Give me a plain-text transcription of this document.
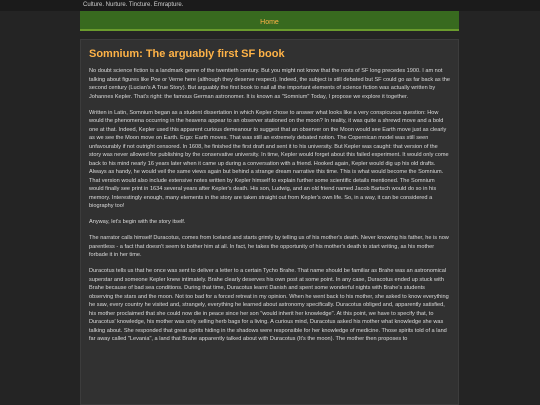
Culture. Nurture. Tincture. Emrapture.
Home
Somnium: The arguably first SF book

No doubt science fiction is a landmark genre of the twentieth century. But you might not know that the roots of SF long precedes 1900. I am not talking about figures like Poe or Verne here (although they deserve respect). Indeed, the subject is still debated but SF could go as far back as the second century (Lucian's A True Story). But arguably the first book to nail all the important elements of science fiction was actually written by Johannes Kepler. That's right: the famous German astronomer. It is known as "Somnium" Today, I propose we explore it together.

Written in Latin, Somnium began as a student dissertation in which Kepler chose to answer what looks like a very conspicuous question: How would the phenomena occurring in the heavens appear to an observer stationed on the moon? In reality, it was quite a shrewd move and a bold one at that. Indeed, Kepler used this apparent curious demeanour to suggest that an observer on the Moon would see Earth move just as clearly as we see the Moon move on Earth. Ergo: Earth moves. That was still an extremely debated notion. The Copernican model was still seen unfavourably if not outright censored. In 1608, he finished the first draft and sent it to his university. But Kepler was caught: that version of the story was never allowed for publishing by the conservative university. In time, Kepler would forget about this failed experiment. It would only come back to his mind nearly 16 years later when it came up during a conversation with a friend. Hooked again, Kepler would dig up his old drafts. Always as handy, he would veil the same views again but behind a strange dream narrative this time. This is what would become the Somnium. That version would also include extensive notes written by Kepler himself to explain further some scientific details mentioned. The Somnium would finally see print in 1634 several years after Kepler's death. His son, Ludwig, and an old friend named Jacob Bartsch would do so in his memory. Interestingly enough, many elements in the story are taken straight out from Kepler's own life. So, in a way, it can be considered a biography too!

Anyway, let's begin with the story itself.

The narrator calls himself Duracotus, comes from Iceland and starts grimly by telling us of his mother's death. Never knowing his father, he is now parentless - a fact that doesn't seem to bother him at all. In fact, he takes the opportunity of his mother's death to start writing, as his mother forbade it in her time.

Duracotus tells us that he once was sent to deliver a letter to a certain Tycho Brahe. That name should be familiar as Brahe was an astronomical superstar and someone Kepler knew intimately. Brahe clearly deserves his own post at some point. In any case, Duracotus ended up stuck with Brahe because of bad sea conditions. During that time, Duracotus learnt Danish and spent some wonderful nights with Brahe's students observing the stars and the moon. Not too bad for a forced retreat in my opinion. When he went back to his mother, she asked to know everything he saw, every country he visited and, strangely, everything he learned about astronomy specifically. Duracotus obliged and, apparently satisfied, his mother proclaimed that she could now die in peace since her son "would inherit her knowledge". At this point, we have to specify that, to Duracotus' knowledge, his mother was only selling herb bags for a living. A curious mind, Duracotus asked his mother what knowledge she was talking about. She responded that great spirits hiding in the shadows were responsible for her knowledge of medicine. Those spirits told of a land far away called "Levania", a land that Brahe apparently talked about with Duracotus (It's the moon). The mother then proposes to
